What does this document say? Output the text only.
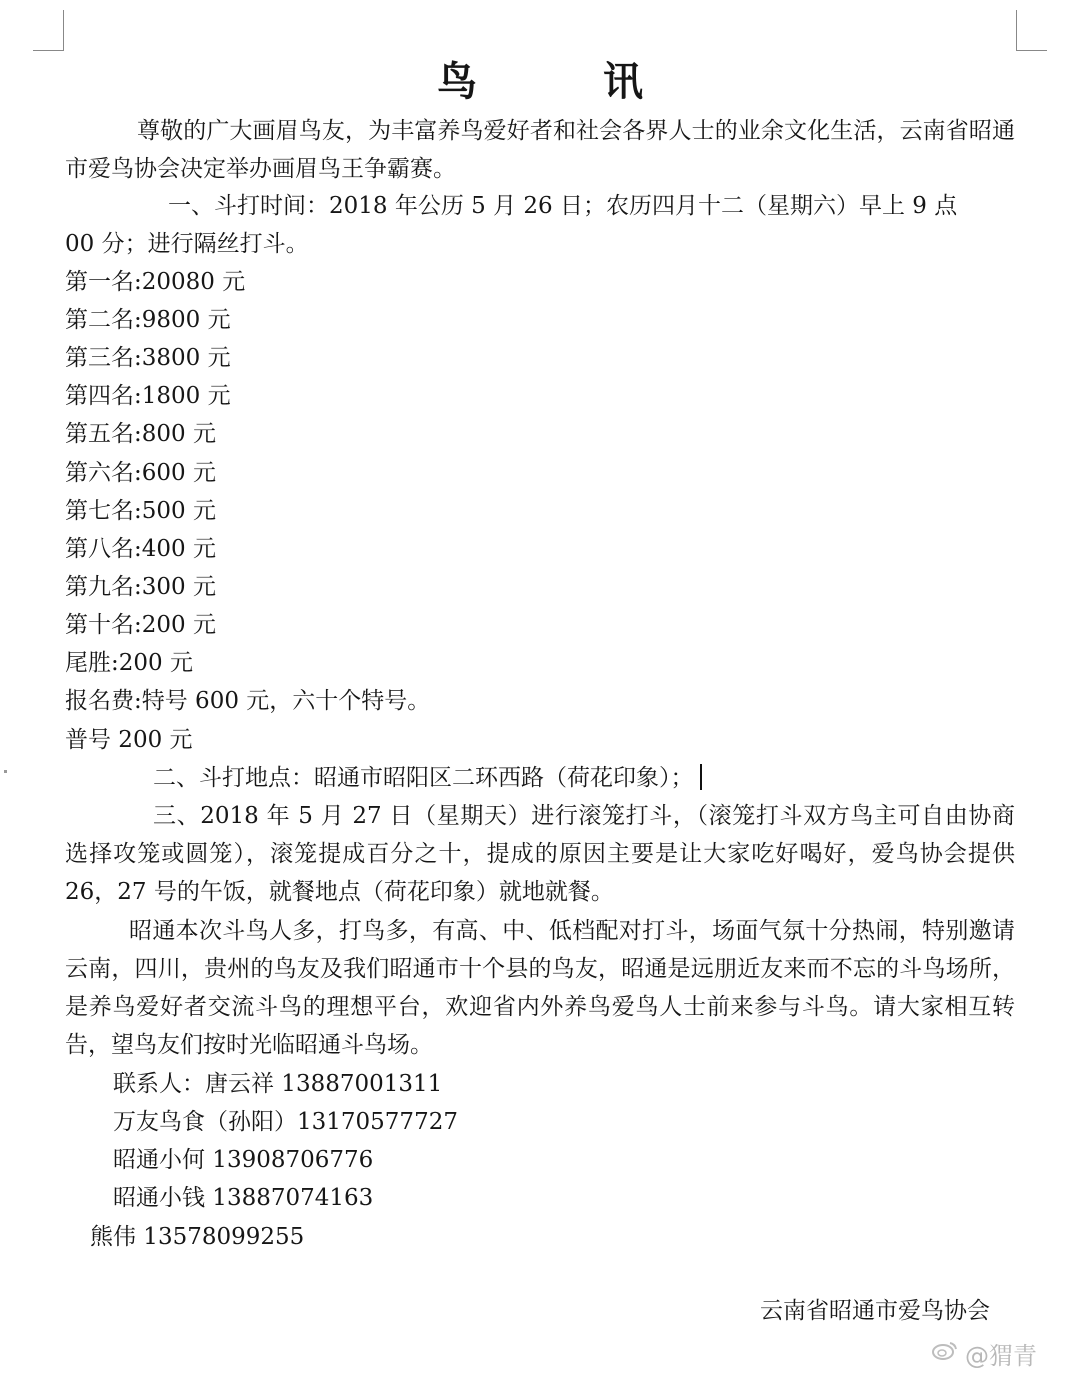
鸟 讯
尊敬的广大画眉鸟友，为丰富养鸟爱好者和社会各界人士的业余文化生活，云南省昭通市爱鸟协会决定举办画眉鸟王争霸赛。
一、斗打时间：2018 年公历 5 月 26 日；农历四月十二（星期六）早上 9 点
00 分；进行隔丝打斗。
第一名:20080 元
第二名:9800 元
第三名:3800 元
第四名:1800 元
第五名:800 元
第六名:600 元
第七名:500 元
第八名:400 元
第九名:300 元
第十名:200 元
尾胜:200 元
报名费:特号 600 元，六十个特号。
普号 200 元
二、斗打地点：昭通市昭阳区二环西路（荷花印象）；
三、2018 年 5 月 27 日（星期天）进行滚笼打斗，（滚笼打斗双方鸟主可自由协商选择攻笼或圆笼），滚笼提成百分之十，提成的原因主要是让大家吃好喝好，爱鸟协会提供 26，27 号的午饭，就餐地点（荷花印象）就地就餐。
昭通本次斗鸟人多，打鸟多，有高、中、低档配对打斗，场面气氛十分热闹，特别邀请云南，四川，贵州的鸟友及我们昭通市十个县的鸟友，昭通是远朋近友来而不忘的斗鸟场所，是养鸟爱好者交流斗鸟的理想平台，欢迎省内外养鸟爱鸟人士前来参与斗鸟。请大家相互转告，望鸟友们按时光临昭通斗鸟场。
联系人：唐云祥 13887001311
万友鸟食（孙阳）13170577727
昭通小何 13908706776
昭通小钱 13887074163
熊伟 13578099255
云南省昭通市爱鸟协会
@猬青
